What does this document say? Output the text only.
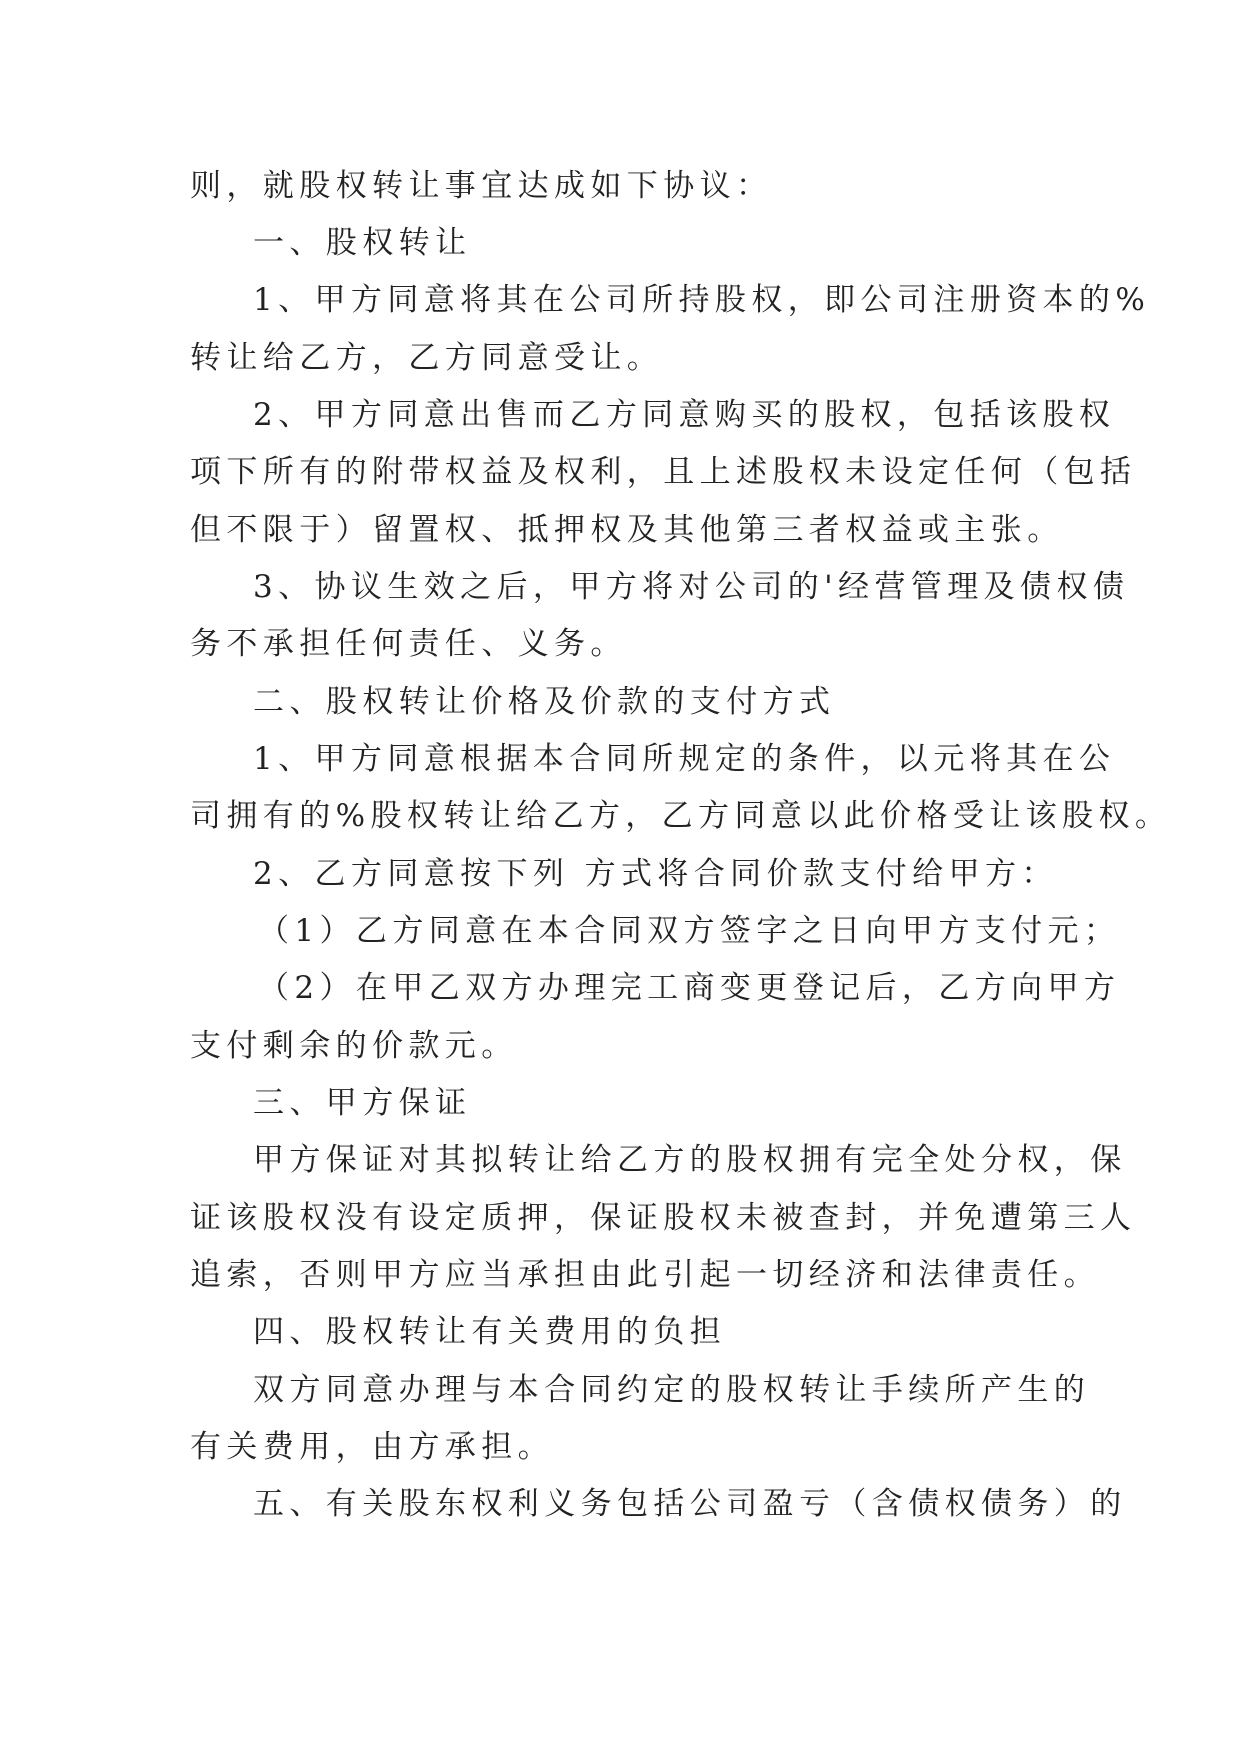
则，就股权转让事宜达成如下协议：
一、股权转让
1、甲方同意将其在公司所持股权，即公司注册资本的%
转让给乙方，乙方同意受让。
2、甲方同意出售而乙方同意购买的股权，包括该股权
项下所有的附带权益及权利，且上述股权未设定任何（包括
但不限于）留置权、抵押权及其他第三者权益或主张。
3、协议生效之后，甲方将对公司的'经营管理及债权债
务不承担任何责任、义务。
二、股权转让价格及价款的支付方式
1、甲方同意根据本合同所规定的条件，以元将其在公
司拥有的%股权转让给乙方，乙方同意以此价格受让该股权。
2、乙方同意按下列 方式将合同价款支付给甲方：
（1）乙方同意在本合同双方签字之日向甲方支付元；
（2）在甲乙双方办理完工商变更登记后，乙方向甲方
支付剩余的价款元。
三、甲方保证
甲方保证对其拟转让给乙方的股权拥有完全处分权，保
证该股权没有设定质押，保证股权未被查封，并免遭第三人
追索，否则甲方应当承担由此引起一切经济和法律责任。
四、股权转让有关费用的负担
双方同意办理与本合同约定的股权转让手续所产生的
有关费用，由方承担。
五、有关股东权利义务包括公司盈亏（含债权债务）的
